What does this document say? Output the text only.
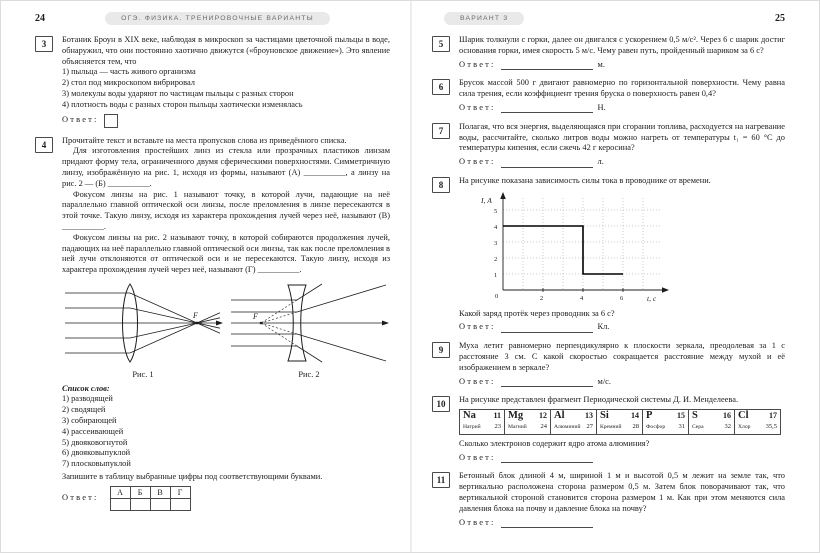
24	ОГЭ. ФИЗИКА. ТРЕНИРОВОЧНЫЕ ВАРИАНТЫ
3	Ботаник Броун в XIX веке, наблюдая в микроскоп за частицами цветочной пыльцы в воде, обнаружил, что они постоянно хаотично движутся («броуновское движение»). Это явление объясняется тем, что
1) пыльца — часть живого организма
2) стол под микроскопом вибрировал
3) молекулы воды ударяют по частицам пыльцы с разных сторон
4) плотность воды с разных сторон пыльцы хаотически изменялась
Ответ:
4	Прочитайте текст и вставьте на места пропусков слова из приведённого списка.
Для изготовления простейших линз из стекла или прозрачных пластиков линзам придают форму тела, ограниченного двумя сферическими поверхностями. Симметричную линзу, изображённую на рис. 1, исходя из формы, называют (А) __________, а линзу на рис. 2 — (Б) __________.
Фокусом линзы на рис. 1 называют точку, в которой лучи, падающие на неё параллельно главной оптической оси линзы, после преломления в линзе пересекаются в этой точке. Такую линзу, исходя из характера прохождения лучей через неё, называют (В) __________.
Фокусом линзы на рис. 2 называют точку, в которой собираются продолжения лучей, падающих на неё параллельно главной оптической оси линзы, так как после преломления в ней лучи отклоняются от оптической оси и не пересекаются. Такую линзу, исходя из характера прохождения лучей через неё, называют (Г) __________.
F
Рис. 1
F
Рис. 2
Список слов:
1) разводящей
2) сводящей
3) собирающей
4) рассеивающей
5) двояковогнутой
6) двояковыпуклой
7) плосковыпуклой
Запишите в таблицу выбранные цифры под соответствующими буквами.
Ответ:
А	Б	В	Г

ВАРИАНТ 3	25
5	Шарик толкнули с горки, далее он двигался с ускорением 0,5 м/с². Через 6 с шарик достиг основания горки, имея скорость 5 м/с. Чему равен путь, пройденный шариком за 6 с?
Ответ:	м.
6	Брусок массой 500 г двигают равномерно по горизонтальной поверхности. Чему равна сила трения, если коэффициент трения бруска о поверхность равен 0,4?
Ответ:	Н.
7	Полагая, что вся энергия, выделяющаяся при сгорании топлива, расходуется на нагревание воды, рассчитайте, сколько литров воды можно нагреть от температуры t₁ = 60 °С до температуры кипения, если сжечь 42 г керосина?
Ответ:	л.
8	На рисунке показана зависимость силы тока в проводнике от времени.
I, А
t, с
0	2	4	6
1
2
3
4
5
Какой заряд протёк через проводник за 6 с?
Ответ:	Кл.
9	Муха летит равномерно перпендикулярно к плоскости зеркала, преодолевая за 1 с расстояние 3 см. С какой скоростью сокращается расстояние между мухой и её изображением в зеркале?
Ответ:	м/с.
10	На рисунке представлен фрагмент Периодической системы Д. И. Менделеева.
Na 11
Натрий 23
Mg 12
Магний 24
Al	13
Алюминий 27
Si	14
Кремний 28
P	15
Фосфор 31
S	16
Сера	32
Cl	17
Хлор 35,5
Сколько электронов содержит ядро атома алюминия?
Ответ:
11	Бетонный блок длиной 4 м, шириной 1 м и высотой 0,5 м лежит на земле так, что вертикально расположена сторона размером 0,5 м. Затем блок поворачивают так, что вертикальной стороной становится сторона размером 1 м. Как при этом меняются сила давления блока на почву и давление блока на почву?
Ответ:
